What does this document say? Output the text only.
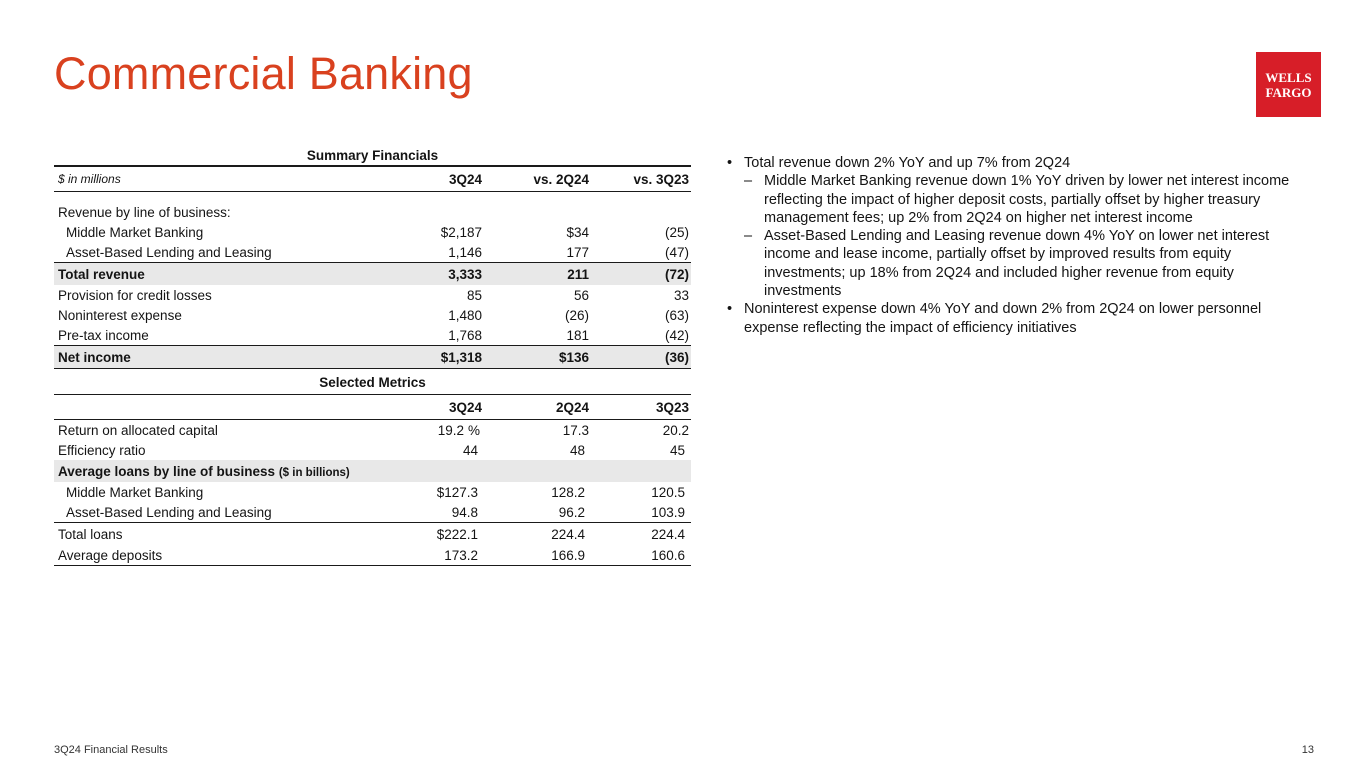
Commercial Banking	WELLS
FARGO
Summary Financials
$ in millions	3Q24	vs. 2Q24	vs. 3Q23
Revenue by line of business:
Middle Market Banking	$2,187	$34	(25)
Asset-Based Lending and Leasing	1,146	177	(47)
Total revenue	3,333	211	(72)
Provision for credit losses	85	56	33
Noninterest expense	1,480	(26)	(63)
Pre-tax income	1,768	181	(42)
Net income	$1,318	$136	(36)
Selected Metrics
3Q24	2Q24	3Q23
Return on allocated capital	19.2 %	17.3	20.2
Efficiency ratio	44	48	45
Average loans by line of business ($ in billions)
Middle Market Banking	$127.3	128.2	120.5
Asset-Based Lending and Leasing	94.8	96.2	103.9
Total loans	$222.1	224.4	224.4
Average deposits	173.2	166.9	160.6
• Total revenue down 2% YoY and up 7% from 2Q24
– Middle Market Banking revenue down 1% YoY driven by lower net interest income reflecting the impact of higher deposit costs, partially offset by higher treasury management fees; up 2% from 2Q24 on higher net interest income
– Asset-Based Lending and Leasing revenue down 4% YoY on lower net interest income and lease income, partially offset by improved results from equity investments; up 18% from 2Q24 and included higher revenue from equity investments
• Noninterest expense down 4% YoY and down 2% from 2Q24 on lower personnel expense reflecting the impact of efficiency initiatives
3Q24 Financial Results	13
